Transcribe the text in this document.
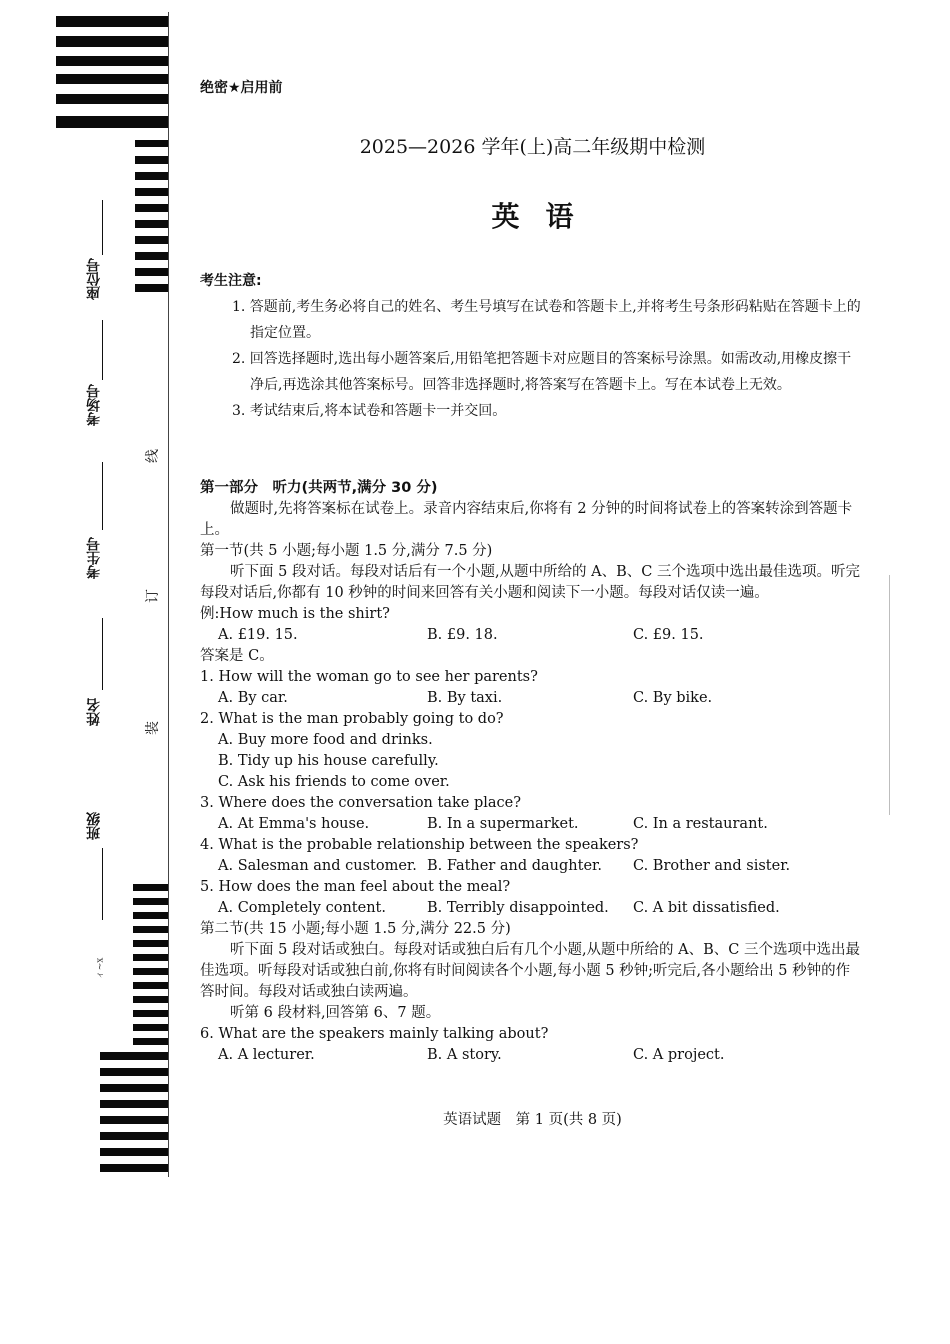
座位号
考场号
考生号
姓名
班级
线
订
装
ィ~x
绝密★启用前
2025—2026 学年(上)高二年级期中检测
英语
考生注意:

1. 答题前,考生务必将自己的姓名、考生号填写在试卷和答题卡上,并将考生号条形码粘贴在答题卡上的指定位置。

2. 回答选择题时,选出每小题答案后,用铅笔把答题卡对应题目的答案标号涂黑。如需改动,用橡皮擦干净后,再选涂其他答案标号。回答非选择题时,将答案写在答题卡上。写在本试卷上无效。

3. 考试结束后,将本试卷和答题卡一并交回。

第一部分　听力(共两节,满分 30 分)

做题时,先将答案标在试卷上。录音内容结束后,你将有 2 分钟的时间将试卷上的答案转涂到答题卡上。

第一节(共 5 小题;每小题 1.5 分,满分 7.5 分)

听下面 5 段对话。每段对话后有一个小题,从题中所给的 A、B、C 三个选项中选出最佳选项。听完每段对话后,你都有 10 秒钟的时间来回答有关小题和阅读下一小题。每段对话仅读一遍。

例:How much is the shirt?

A. £19. 15.	B. £9. 18.	C. £9. 15.

答案是 C。

1. How will the woman go to see her parents?

A. By car.	B. By taxi.	C. By bike.

2. What is the man probably going to do?

A. Buy more food and drinks.

B. Tidy up his house carefully.

C. Ask his friends to come over.

3. Where does the conversation take place?

A. At Emma's house.	B. In a supermarket.	C. In a restaurant.

4. What is the probable relationship between the speakers?

A. Salesman and customer. B. Father and daughter.	C. Brother and sister.

5. How does the man feel about the meal?

A. Completely content.	B. Terribly disappointed.	C. A bit dissatisfied.

第二节(共 15 小题;每小题 1.5 分,满分 22.5 分)

听下面 5 段对话或独白。每段对话或独白后有几个小题,从题中所给的 A、B、C 三个选项中选出最佳选项。听每段对话或独白前,你将有时间阅读各个小题,每小题 5 秒钟;听完后,各小题给出 5 秒钟的作答时间。每段对话或独白读两遍。

听第 6 段材料,回答第 6、7 题。

6. What are the speakers mainly talking about?

A. A lecturer.	B. A story.	C. A project.
英语试题　第 1 页(共 8 页)
